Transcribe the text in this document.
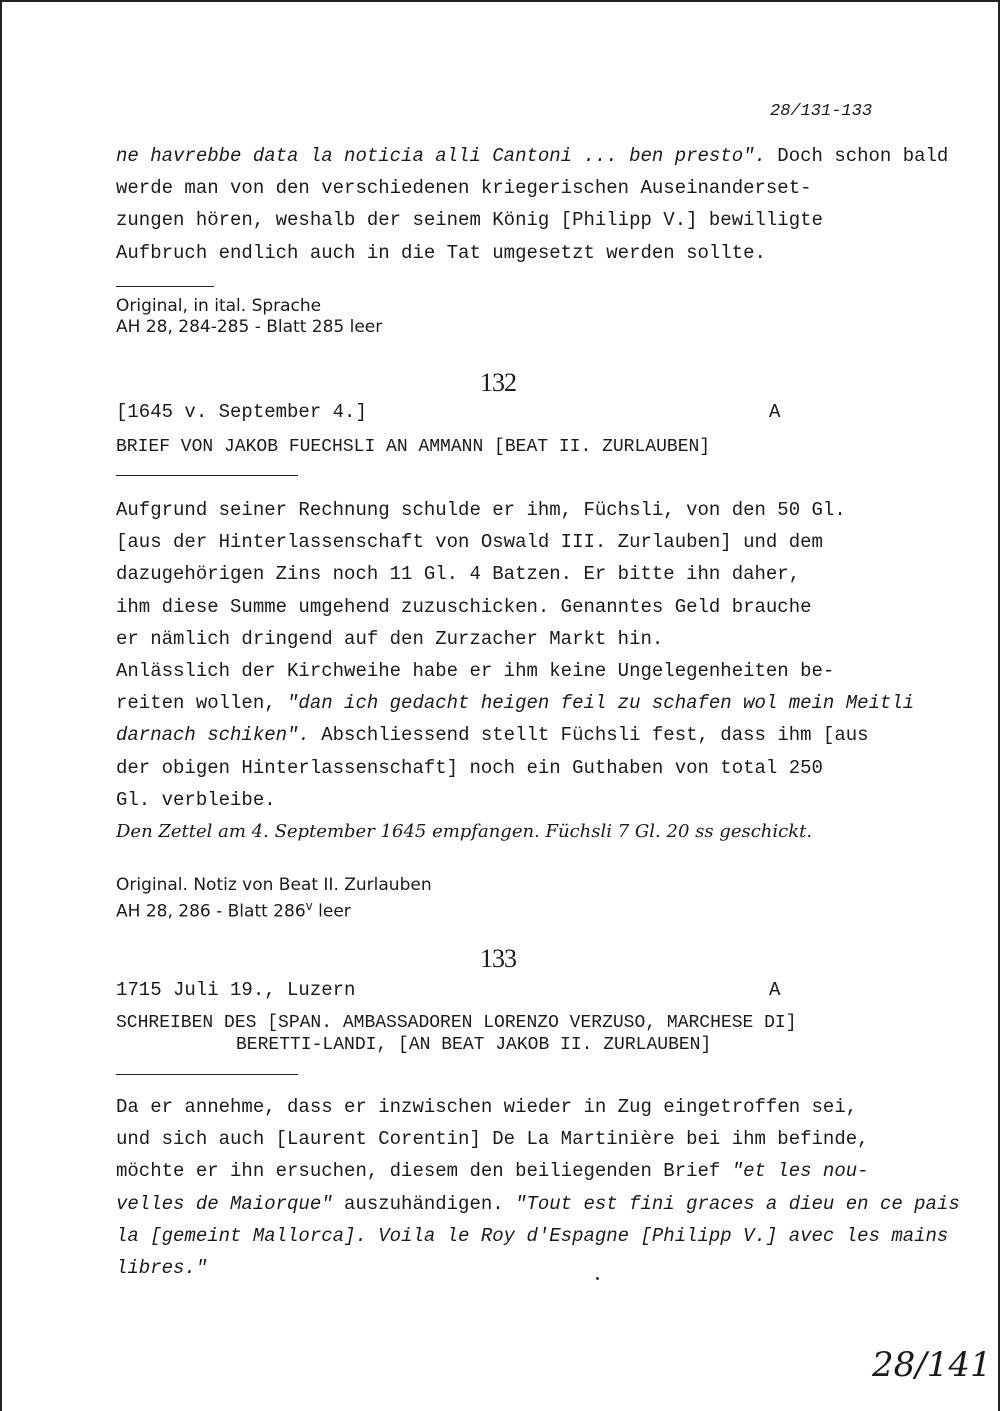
28/131-133
ne havrebbe data la noticia alli Cantoni ... ben presto". Doch schon bald
werde man von den verschiedenen kriegerischen Auseinanderset-
zungen hören, weshalb der seinem König [Philipp V.] bewilligte
Aufbruch endlich auch in die Tat umgesetzt werden sollte.
Original, in ital. Sprache
AH 28, 284-285 - Blatt 285 leer
132
[1645 v. September 4.]	A
BRIEF VON JAKOB FUECHSLI AN AMMANN [BEAT II. ZURLAUBEN]
Aufgrund seiner Rechnung schulde er ihm, Füchsli, von den 50 Gl.
[aus der Hinterlassenschaft von Oswald III. Zurlauben] und dem
dazugehörigen Zins noch 11 Gl. 4 Batzen. Er bitte ihn daher,
ihm diese Summe umgehend zuzuschicken. Genanntes Geld brauche
er nämlich dringend auf den Zurzacher Markt hin.
Anlässlich der Kirchweihe habe er ihm keine Ungelegenheiten be-
reiten wollen, "dan ich gedacht heigen feil zu schafen wol mein Meitli
darnach schiken". Abschliessend stellt Füchsli fest, dass ihm [aus
der obigen Hinterlassenschaft] noch ein Guthaben von total 250
Gl. verbleibe.
Den Zettel am 4. September 1645 empfangen. Füchsli 7 Gl. 20 ss geschickt.
Original. Notiz von Beat II. Zurlauben
AH 28, 286 - Blatt 286$^v$ leer
133
1715 Juli 19., Luzern	A
SCHREIBEN DES [SPAN. AMBASSADOREN LORENZO VERZUSO, MARCHESE DI]
BERETTI-LANDI, [AN BEAT JAKOB II. ZURLAUBEN]
Da er annehme, dass er inzwischen wieder in Zug eingetroffen sei,
und sich auch [Laurent Corentin] De La Martinière bei ihm befinde,
möchte er ihn ersuchen, diesem den beiliegenden Brief "et les nou-
velles de Maiorque" auszuhändigen. "Tout est fini graces a dieu en ce pais
la [gemeint Mallorca]. Voila le Roy d'Espagne [Philipp V.] avec les mains
libres."
28/141
